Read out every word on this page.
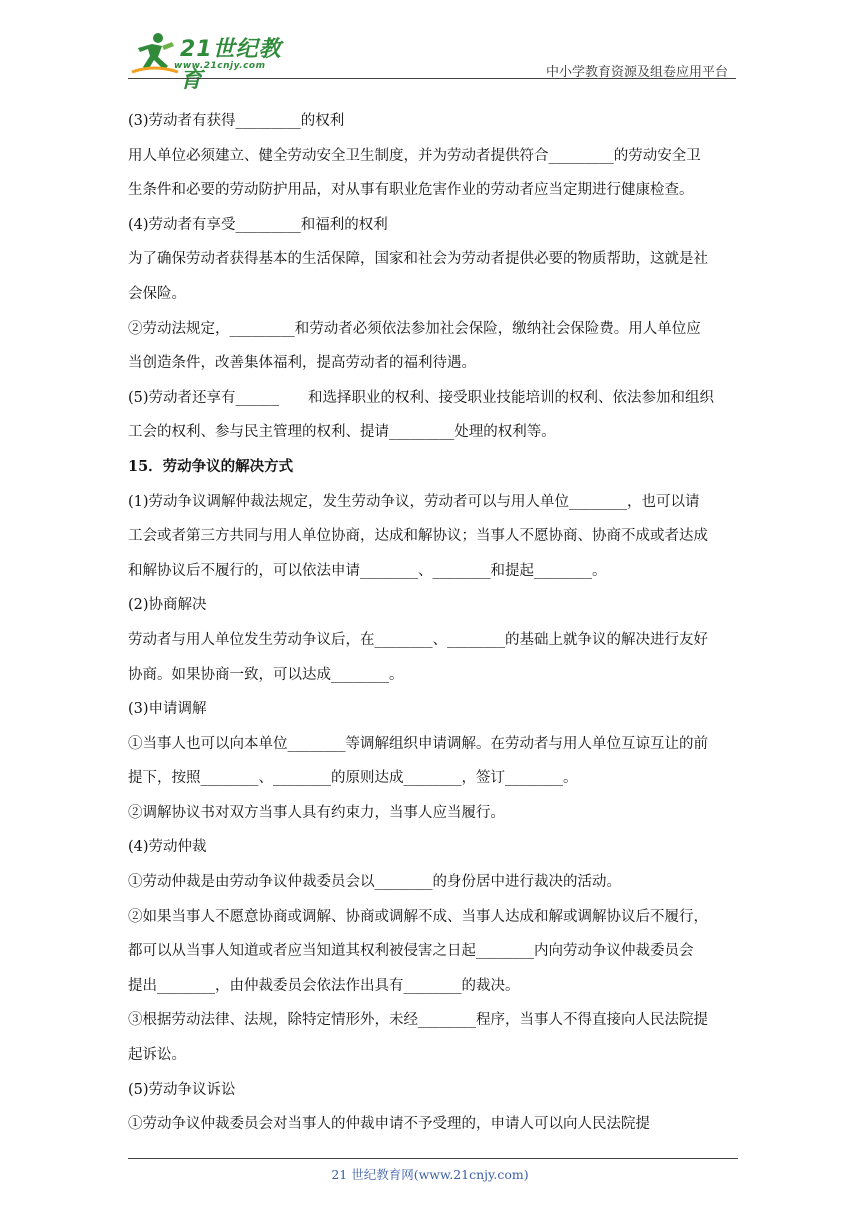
21世纪教育
www.21cnjy.com	中小学教育资源及组卷应用平台
(3)劳动者有获得_________的权利
用人单位必须建立、健全劳动安全卫生制度，并为劳动者提供符合_________的劳动安全卫
生条件和必要的劳动防护用品，对从事有职业危害作业的劳动者应当定期进行健康检查。
(4)劳动者有享受_________和福利的权利
为了确保劳动者获得基本的生活保障，国家和社会为劳动者提供必要的物质帮助，这就是社
会保险。
②劳动法规定，_________和劳动者必须依法参加社会保险，缴纳社会保险费。用人单位应
当创造条件，改善集体福利，提高劳动者的福利待遇。
(5)劳动者还享有______　　和选择职业的权利、接受职业技能培训的权利、依法参加和组织
工会的权利、参与民主管理的权利、提请_________处理的权利等。
15．劳动争议的解决方式
(1)劳动争议调解仲裁法规定，发生劳动争议，劳动者可以与用人单位________，也可以请
工会或者第三方共同与用人单位协商，达成和解协议；当事人不愿协商、协商不成或者达成
和解协议后不履行的，可以依法申请________、________和提起________。
(2)协商解决
劳动者与用人单位发生劳动争议后，在________、________的基础上就争议的解决进行友好
协商。如果协商一致，可以达成________。
(3)申请调解
①当事人也可以向本单位________等调解组织申请调解。在劳动者与用人单位互谅互让的前
提下，按照________、________的原则达成________，签订________。
②调解协议书对双方当事人具有约束力，当事人应当履行。
(4)劳动仲裁
①劳动仲裁是由劳动争议仲裁委员会以________的身份居中进行裁决的活动。
②如果当事人不愿意协商或调解、协商或调解不成、当事人达成和解或调解协议后不履行，
都可以从当事人知道或者应当知道其权利被侵害之日起________内向劳动争议仲裁委员会
提出________，由仲裁委员会依法作出具有________的裁决。
③根据劳动法律、法规，除特定情形外，未经________程序，当事人不得直接向人民法院提
起诉讼。
(5)劳动争议诉讼
①劳动争议仲裁委员会对当事人的仲裁申请不予受理的，申请人可以向人民法院提
21 世纪教育网(www.21cnjy.com)
